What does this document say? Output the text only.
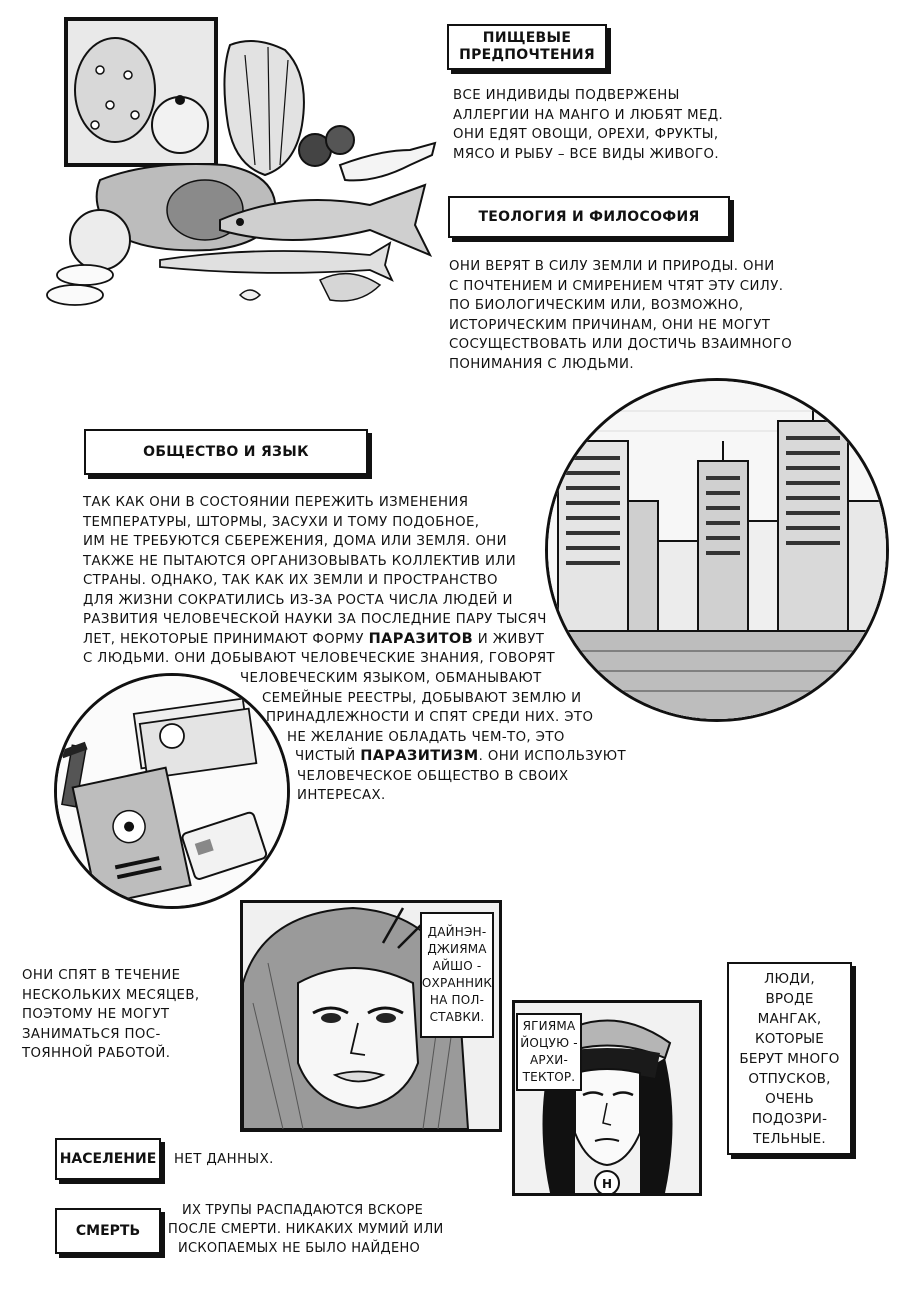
ПИЩЕВЫЕ
ПРЕДПОЧТЕНИЯ
ВСЕ ИНДИВИДЫ ПОДВЕРЖЕНЫ
АЛЛЕРГИИ НА МАНГО И ЛЮБЯТ МЕД.
ОНИ ЕДЯТ ОВОЩИ, ОРЕХИ, ФРУКТЫ,
МЯСО И РЫБУ – ВСЕ ВИДЫ ЖИВОГО.
ТЕОЛОГИЯ И ФИЛОСОФИЯ
ОНИ ВЕРЯТ В СИЛУ ЗЕМЛИ И ПРИРОДЫ. ОНИ
С ПОЧТЕНИЕМ И СМИРЕНИЕМ ЧТЯТ ЭТУ СИЛУ.
ПО БИОЛОГИЧЕСКИМ ИЛИ, ВОЗМОЖНО,
ИСТОРИЧЕСКИМ ПРИЧИНАМ, ОНИ НЕ МОГУТ
СОСУЩЕСТВОВАТЬ ИЛИ ДОСТИЧЬ ВЗАИМНОГО
ПОНИМАНИЯ С ЛЮДЬМИ.
ОБЩЕСТВО И ЯЗЫК
ТАК КАК ОНИ В СОСТОЯНИИ ПЕРЕЖИТЬ ИЗМЕНЕНИЯ
ТЕМПЕРАТУРЫ, ШТОРМЫ, ЗАСУХИ И ТОМУ ПОДОБНОЕ,
ИМ НЕ ТРЕБУЮТСЯ СБЕРЕЖЕНИЯ, ДОМА ИЛИ ЗЕМЛЯ. ОНИ
ТАКЖЕ НЕ ПЫТАЮТСЯ ОРГАНИЗОВЫВАТЬ КОЛЛЕКТИВ ИЛИ
СТРАНЫ. ОДНАКО, ТАК КАК ИХ ЗЕМЛИ И ПРОСТРАНСТВО
ДЛЯ ЖИЗНИ СОКРАТИЛИСЬ ИЗ-ЗА РОСТА ЧИСЛА ЛЮДЕЙ И
РАЗВИТИЯ ЧЕЛОВЕЧЕСКОЙ НАУКИ ЗА ПОСЛЕДНИЕ ПАРУ ТЫСЯЧ
ЛЕТ, НЕКОТОРЫЕ ПРИНИМАЮТ ФОРМУ ПАРАЗИТОВ И ЖИВУТ
С ЛЮДЬМИ. ОНИ ДОБЫВАЮТ ЧЕЛОВЕЧЕСКИЕ ЗНАНИЯ, ГОВОРЯТ
ЧЕЛОВЕЧЕСКИМ ЯЗЫКОМ, ОБМАНЫВАЮТ
СЕМЕЙНЫЕ РЕЕСТРЫ, ДОБЫВАЮТ ЗЕМЛЮ И
ПРИНАДЛЕЖНОСТИ И СПЯТ СРЕДИ НИХ. ЭТО
НЕ ЖЕЛАНИЕ ОБЛАДАТЬ ЧЕМ-ТО, ЭТО
ЧИСТЫЙ ПАРАЗИТИЗМ. ОНИ ИСПОЛЬЗУЮТ
ЧЕЛОВЕЧЕСКОЕ ОБЩЕСТВО В СВОИХ
ИНТЕРЕСАХ.
ДАЙНЭН-
ДЖИЯМА
АЙШО -
ОХРАННИК
НА ПОЛ-
СТАВКИ.
H
ЯГИЯМА
ЙОЦУЮ -
АРХИ-
ТЕКТОР.
ЛЮДИ,
ВРОДЕ
МАНГАК,
КОТОРЫЕ
БЕРУТ МНОГО
ОТПУСКОВ,
ОЧЕНЬ
ПОДОЗРИ-
ТЕЛЬНЫЕ.
ОНИ СПЯТ В ТЕЧЕНИЕ
НЕСКОЛЬКИХ МЕСЯЦЕВ,
ПОЭТОМУ НЕ МОГУТ
ЗАНИМАТЬСЯ ПОС-
ТОЯННОЙ РАБОТОЙ.
НАСЕЛЕНИЕ	НЕТ ДАННЫХ.
СМЕРТЬ
ИХ ТРУПЫ РАСПАДАЮТСЯ ВСКОРЕ
ПОСЛЕ СМЕРТИ. НИКАКИХ МУМИЙ ИЛИ
ИСКОПАЕМЫХ НЕ БЫЛО НАЙДЕНО
